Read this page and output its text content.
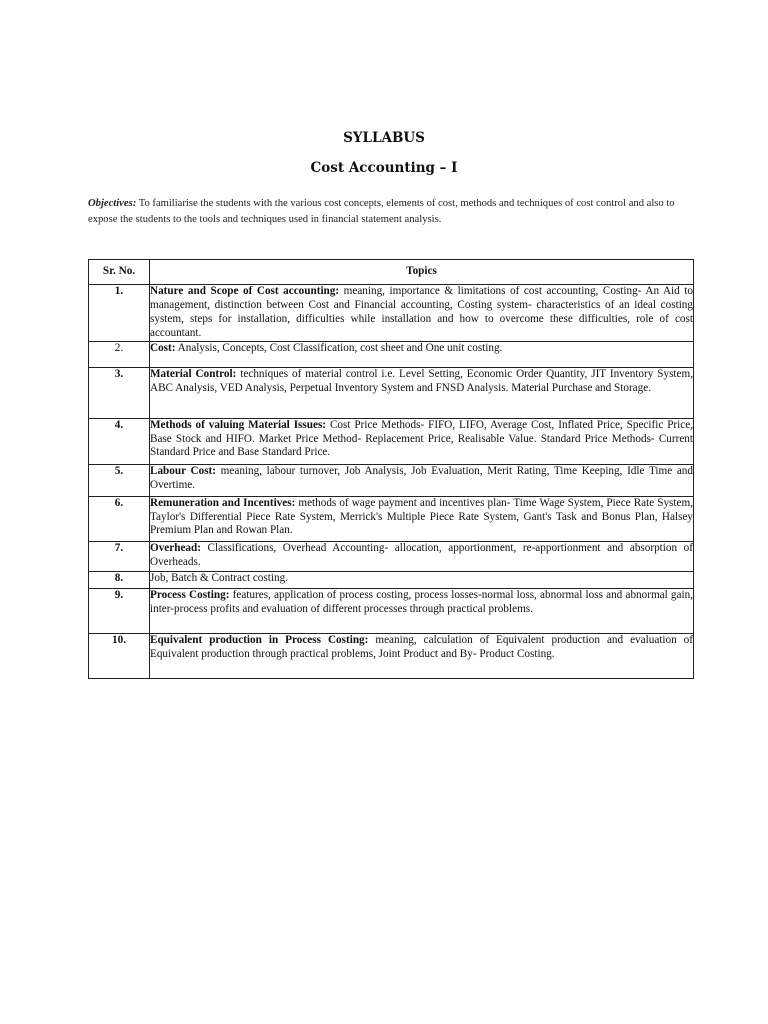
SYLLABUS
Cost Accounting – I
Objectives: To familiarise the students with the various cost concepts, elements of cost, methods and techniques of cost control and also to expose the students to the tools and techniques used in financial statement analysis.
Sr. No.	Topics
1.	Nature and Scope of Cost accounting: meaning, importance & limitations of cost accounting, Costing- An Aid to management, distinction between Cost and Financial accounting, Costing system- characteristics of an ideal costing system, steps for installation, difficulties while installation and how to overcome these difficulties, role of cost accountant.
2.	Cost: Analysis, Concepts, Cost Classification, cost sheet and One unit costing.
3.	Material Control: techniques of material control i.e. Level Setting, Economic Order Quantity, JIT Inventory System, ABC Analysis, VED Analysis, Perpetual Inventory System and FNSD Analysis. Material Purchase and Storage.
4.	Methods of valuing Material Issues: Cost Price Methods- FIFO, LIFO, Average Cost, Inflated Price, Specific Price, Base Stock and HIFO. Market Price Method- Replacement Price, Realisable Value. Standard Price Methods- Current Standard Price and Base Standard Price.
5.	Labour Cost: meaning, labour turnover, Job Analysis, Job Evaluation, Merit Rating, Time Keeping, Idle Time and Overtime.
6.	Remuneration and Incentives: methods of wage payment and incentives plan- Time Wage System, Piece Rate System, Taylor's Differential Piece Rate System, Merrick's Multiple Piece Rate System, Gant's Task and Bonus Plan, Halsey Premium Plan and Rowan Plan.
7.	Overhead: Classifications, Overhead Accounting- allocation, apportionment, re-apportionment and absorption of Overheads.
8.	Job, Batch & Contract costing.
9.	Process Costing: features, application of process costing, process losses-normal loss, abnormal loss and abnormal gain, inter-process profits and evaluation of different processes through practical problems.
10.	Equivalent production in Process Costing: meaning, calculation of Equivalent production and evaluation of Equivalent production through practical problems, Joint Product and By- Product Costing.
